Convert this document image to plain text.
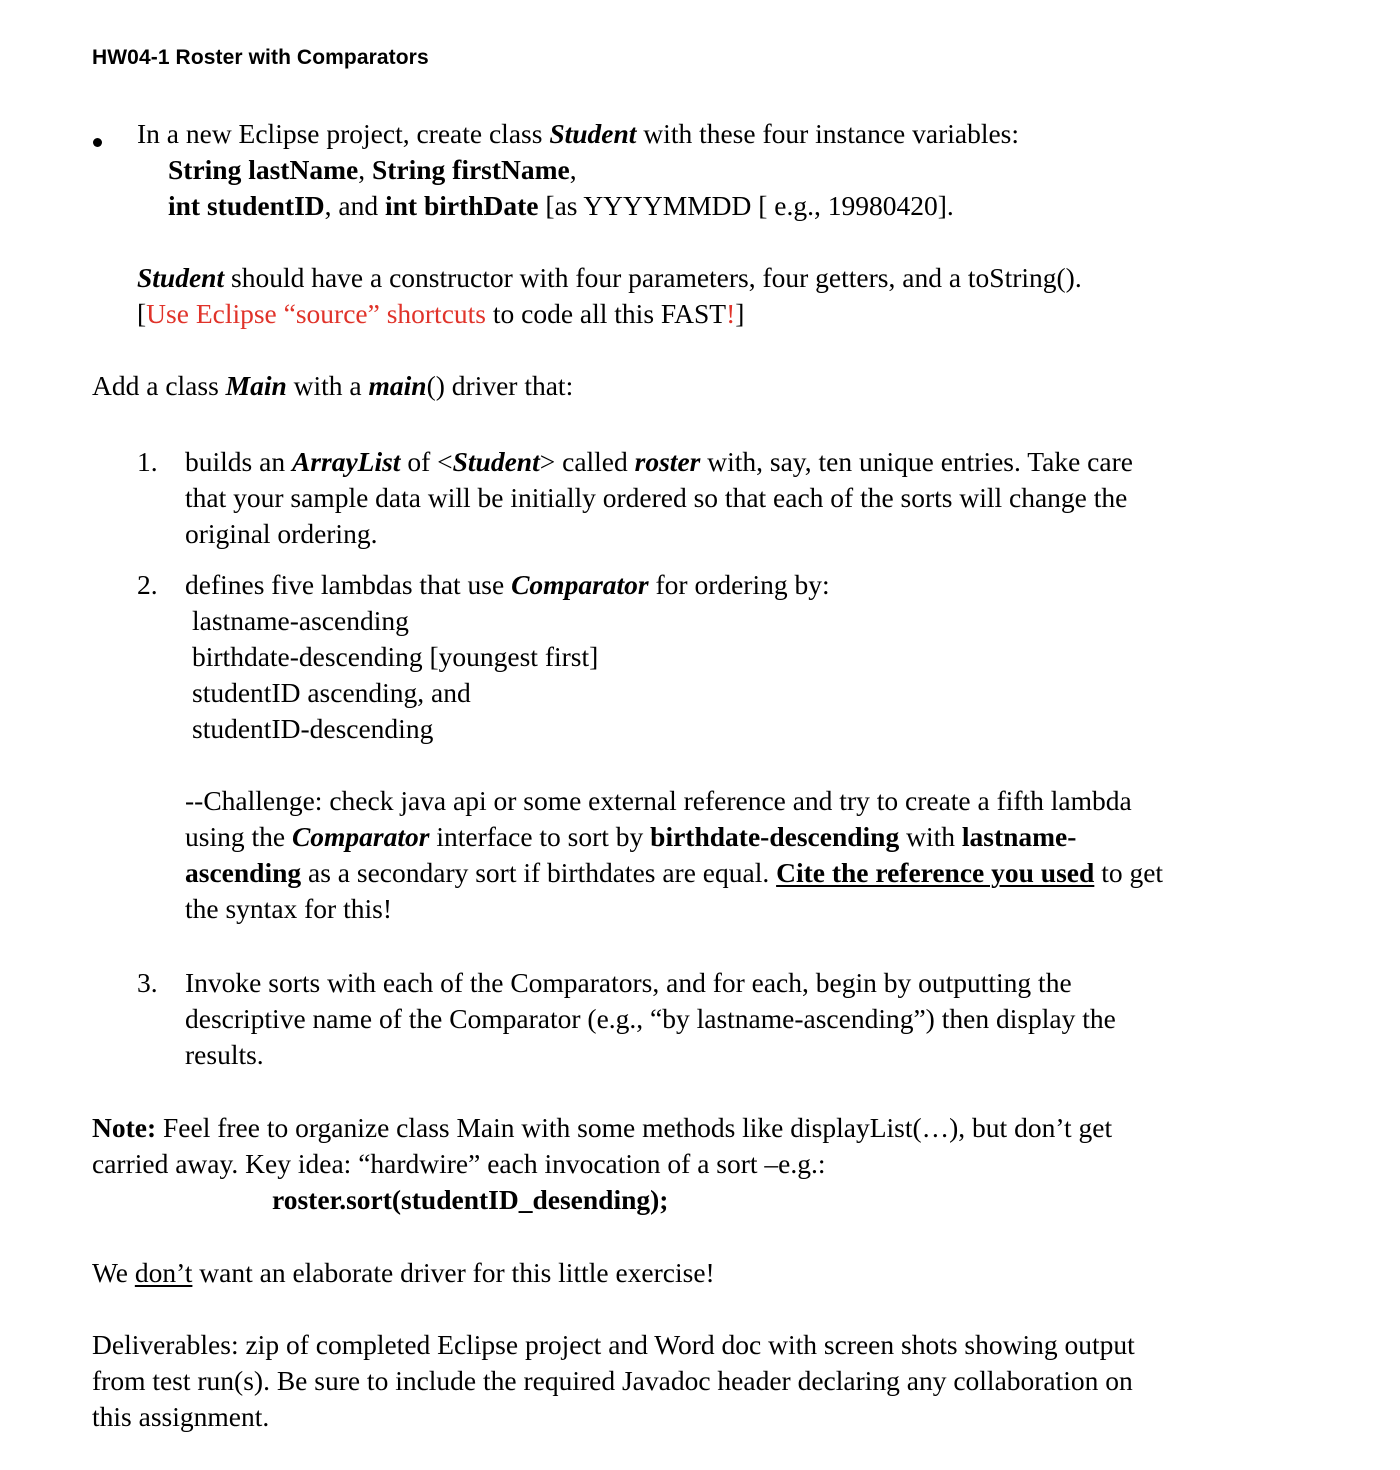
HW04-1 Roster with Comparators
In a new Eclipse project, create class Student with these four instance variables:
String lastName, String firstName,
int studentID, and int birthDate [as YYYYMMDD [ e.g., 19980420].
Student should have a constructor with four parameters, four getters, and a toString().
[Use Eclipse “source” shortcuts to code all this FAST!]
Add a class Main with a main() driver that:
1. builds an ArrayList of <Student> called roster with, say, ten unique entries. Take care
that your sample data will be initially ordered so that each of the sorts will change the
original ordering.
2. defines five lambdas that use Comparator for ordering by:
lastname-ascending
birthdate-descending [youngest first]
studentID ascending, and
studentID-descending
--Challenge: check java api or some external reference and try to create a fifth lambda
using the Comparator interface to sort by birthdate-descending with lastname-
ascending as a secondary sort if birthdates are equal. Cite the reference you used to get
the syntax for this!
3. Invoke sorts with each of the Comparators, and for each, begin by outputting the
descriptive name of the Comparator (e.g., “by lastname-ascending”) then display the
results.
Note: Feel free to organize class Main with some methods like displayList(…), but don’t get
carried away. Key idea: “hardwire” each invocation of a sort –e.g.:
roster.sort(studentID_desending);
We don’t want an elaborate driver for this little exercise!
Deliverables: zip of completed Eclipse project and Word doc with screen shots showing output
from test run(s). Be sure to include the required Javadoc header declaring any collaboration on
this assignment.
